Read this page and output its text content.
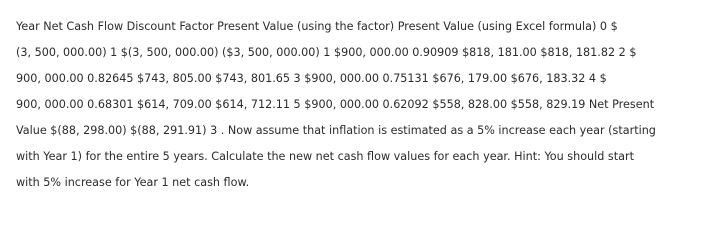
Year Net Cash Flow Discount Factor Present Value (using the factor) Present Value (using Excel formula) 0 $
(3, 500, 000.00) 1 $(3, 500, 000.00) ($3, 500, 000.00) 1 $900, 000.00 0.90909 $818, 181.00 $818, 181.82 2 $
900, 000.00 0.82645 $743, 805.00 $743, 801.65 3 $900, 000.00 0.75131 $676, 179.00 $676, 183.32 4 $
900, 000.00 0.68301 $614, 709.00 $614, 712.11 5 $900, 000.00 0.62092 $558, 828.00 $558, 829.19 Net Present
Value $(88, 298.00) $(88, 291.91) 3 . Now assume that inflation is estimated as a 5% increase each year (starting
with Year 1) for the entire 5 years. Calculate the new net cash flow values for each year. Hint: You should start
with 5% increase for Year 1 net cash flow.
